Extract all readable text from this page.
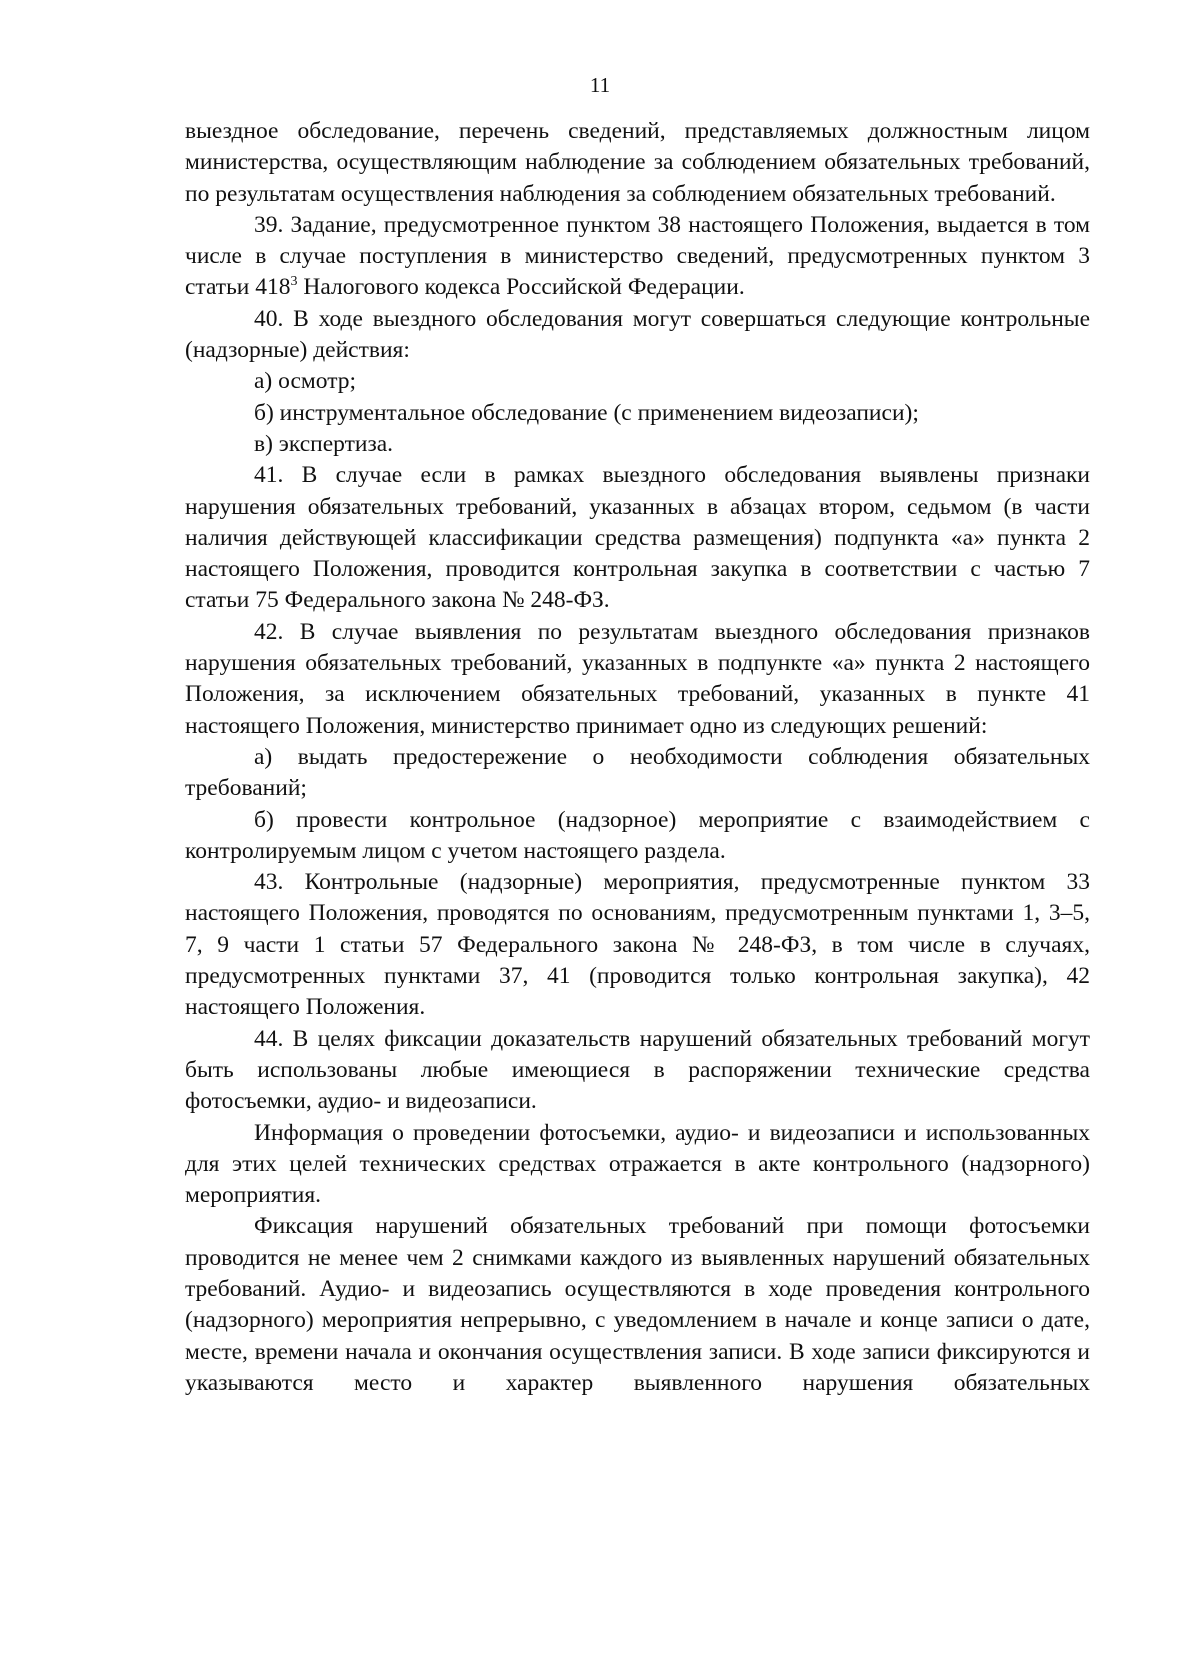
11

выездное обследование, перечень сведений, представляемых должностным лицом министерства, осуществляющим наблюдение за соблюдением обязательных требований, по результатам осуществления наблюдения за соблюдением обязательных требований.

39. Задание, предусмотренное пунктом 38 настоящего Положения, выдается в том числе в случае поступления в министерство сведений, предусмотренных пунктом 3 статьи $418^3$ Налогового кодекса Российской Федерации.

40. В ходе выездного обследования могут совершаться следующие контрольные (надзорные) действия:

а) осмотр;

б) инструментальное обследование (с применением видеозаписи);

в) экспертиза.

41. В случае если в рамках выездного обследования выявлены признаки нарушения обязательных требований, указанных в абзацах втором, седьмом (в части наличия действующей классификации средства размещения) подпункта «а» пункта 2 настоящего Положения, проводится контрольная закупка в соответствии с частью 7 статьи 75 Федерального закона № 248-ФЗ.

42. В случае выявления по результатам выездного обследования признаков нарушения обязательных требований, указанных в подпункте «а» пункта 2 настоящего Положения, за исключением обязательных требований, указанных в пункте 41 настоящего Положения, министерство принимает одно из следующих решений:

а) выдать предостережение о необходимости соблюдения обязательных требований;

б) провести контрольное (надзорное) мероприятие с взаимодействием с контролируемым лицом с учетом настоящего раздела.

43. Контрольные (надзорные) мероприятия, предусмотренные пунктом 33 настоящего Положения, проводятся по основаниям, предусмотренным пунктами 1, 3–5, 7, 9 части 1 статьи 57 Федерального закона № 248-ФЗ, в том числе в случаях, предусмотренных пунктами 37, 41 (проводится только контрольная закупка), 42 настоящего Положения.

44. В целях фиксации доказательств нарушений обязательных требований могут быть использованы любые имеющиеся в распоряжении технические средства фотосъемки, аудио- и видеозаписи.

Информация о проведении фотосъемки, аудио- и видеозаписи и использованных для этих целей технических средствах отражается в акте контрольного (надзорного) мероприятия.

Фиксация нарушений обязательных требований при помощи фотосъемки проводится не менее чем 2 снимками каждого из выявленных нарушений обязательных требований. Аудио- и видеозапись осуществляются в ходе проведения контрольного (надзорного) мероприятия непрерывно, с уведомлением в начале и конце записи о дате, месте, времени начала и окончания осуществления записи. В ходе записи фиксируются и указываются место и характер выявленного нарушения обязательных
